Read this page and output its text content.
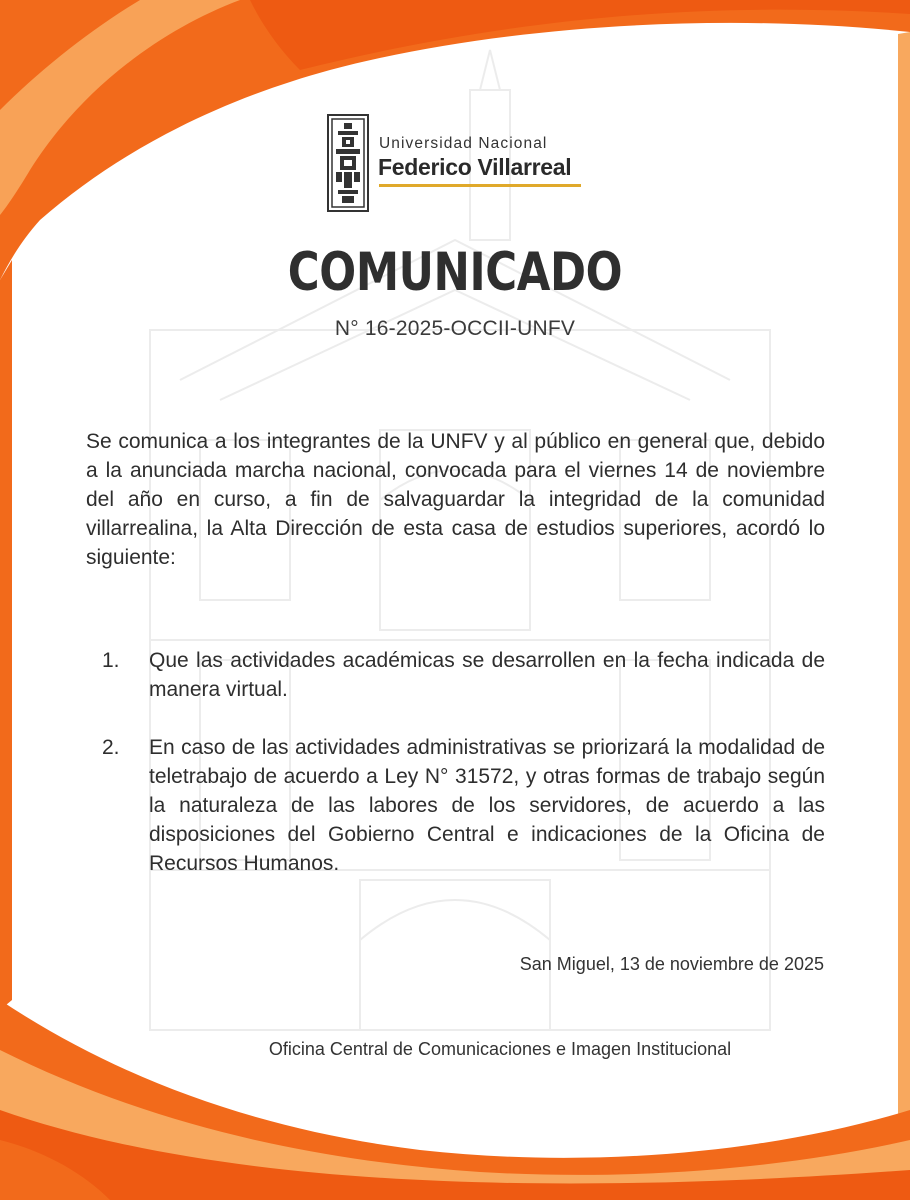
Universidad Nacional
Federico Villarreal
COMUNICADO
N° 16-2025-OCCII-UNFV
Se comunica a los integrantes de la UNFV y al público en general que, debido a la anunciada marcha nacional, convocada para el viernes 14 de noviembre del año en curso, a fin de salvaguardar la integridad de la comunidad villarrealina, la Alta Dirección de esta casa de estudios superiores, acordó lo siguiente:
1.	Que las actividades académicas se desarrollen en la fecha indicada de manera virtual.
2.	En caso de las actividades administrativas se priorizará la modalidad de teletrabajo de acuerdo a Ley N° 31572, y otras formas de trabajo según la naturaleza de las labores de los servidores, de acuerdo a las disposiciones del Gobierno Central e indicaciones de la Oficina de Recursos Humanos.
San Miguel, 13 de noviembre de 2025
Oficina Central de Comunicaciones e Imagen Institucional
